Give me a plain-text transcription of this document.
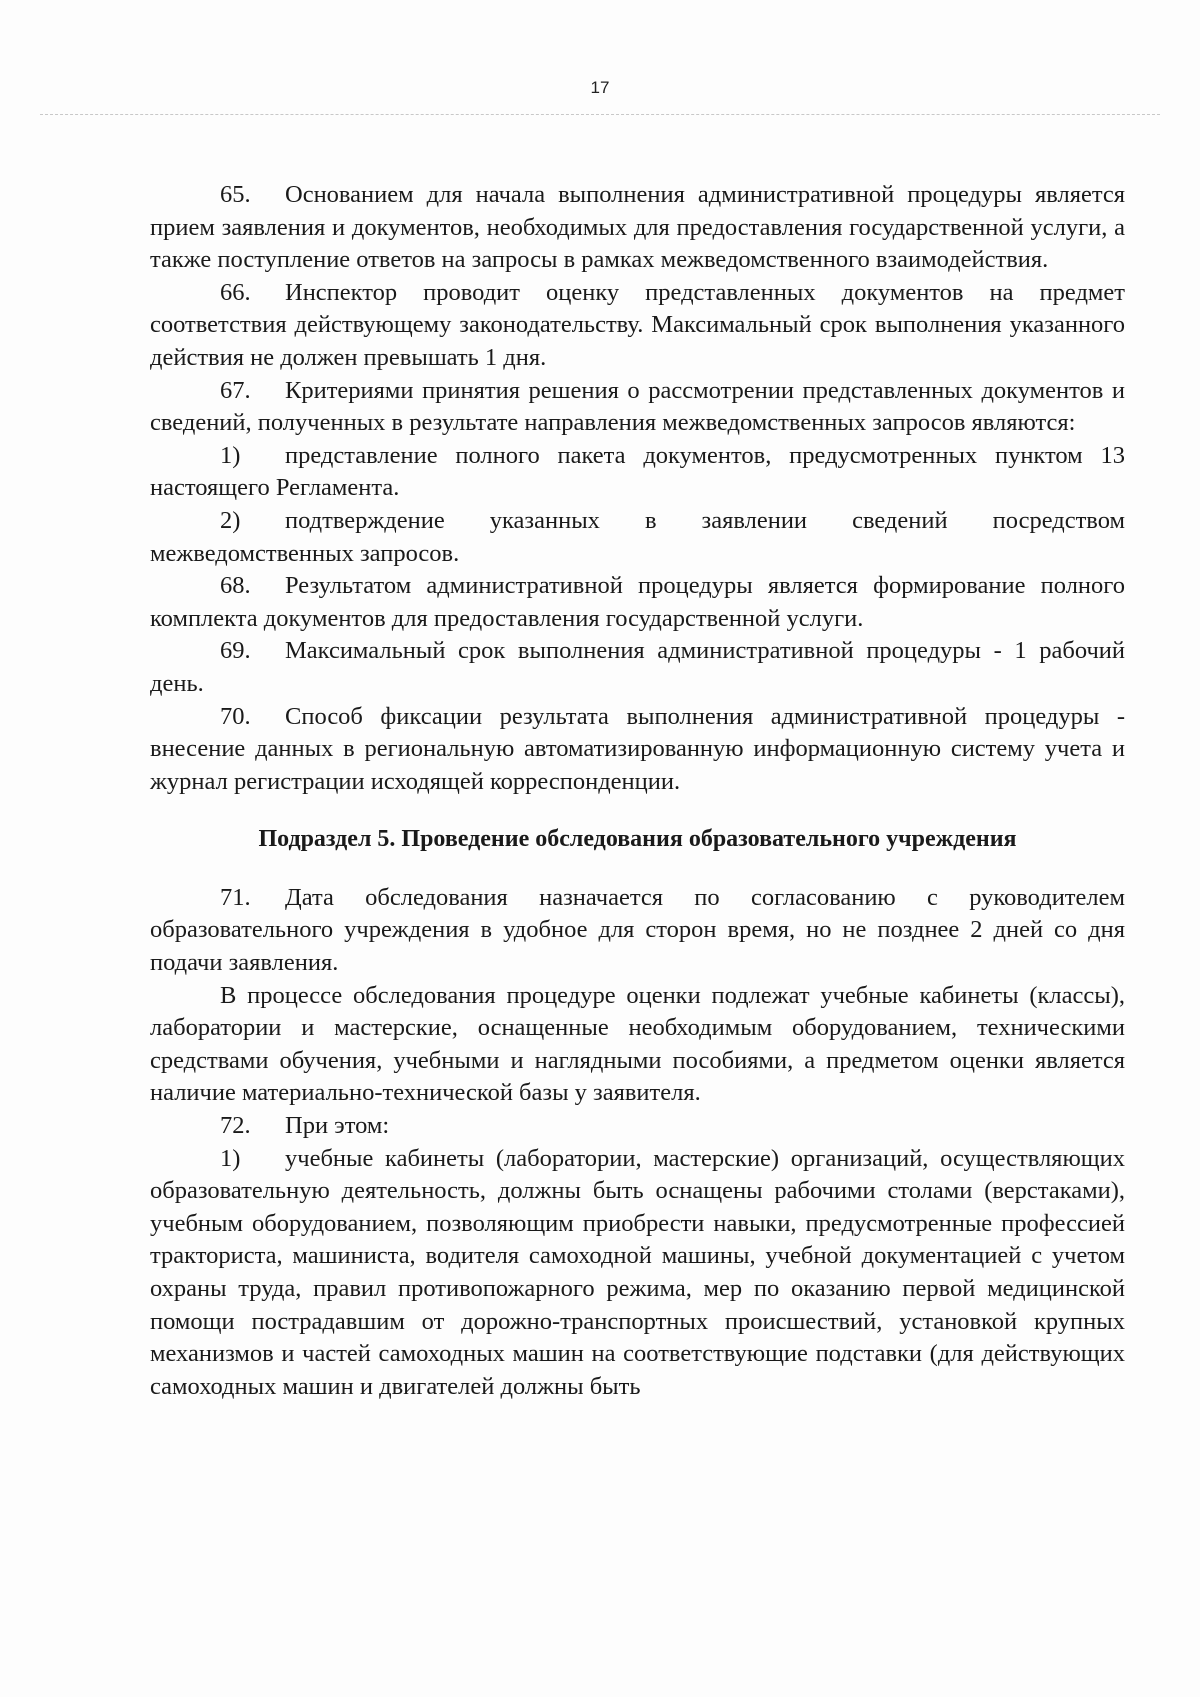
17

65. Основанием для начала выполнения административной процедуры является прием заявления и документов, необходимых для предоставления государственной услуги, а также поступление ответов на запросы в рамках межведомственного взаимодействия.

66. Инспектор проводит оценку представленных документов на предмет соответствия действующему законодательству. Максимальный срок выполнения указанного действия не должен превышать 1 дня.

67. Критериями принятия решения о рассмотрении представленных документов и сведений, полученных в результате направления межведомственных запросов являются:

1) представление полного пакета документов, предусмотренных пунктом 13 настоящего Регламента.

2) подтверждение указанных в заявлении сведений посредством межведомственных запросов.

68. Результатом административной процедуры является формирование полного комплекта документов для предоставления государственной услуги.

69. Максимальный срок выполнения административной процедуры - 1 рабочий день.

70. Способ фиксации результата выполнения административной процедуры - внесение данных в региональную автоматизированную информационную систему учета и журнал регистрации исходящей корреспонденции.

Подраздел 5. Проведение обследования образовательного учреждения

71. Дата обследования назначается по согласованию с руководителем образовательного учреждения в удобное для сторон время, но не позднее 2 дней со дня подачи заявления.

В процессе обследования процедуре оценки подлежат учебные кабинеты (классы), лаборатории и мастерские, оснащенные необходимым оборудованием, техническими средствами обучения, учебными и наглядными пособиями, а предметом оценки является наличие материально-технической базы у заявителя.

72. При этом:

1) учебные кабинеты (лаборатории, мастерские) организаций, осуществляющих образовательную деятельность, должны быть оснащены рабочими столами (верстаками), учебным оборудованием, позволяющим приобрести навыки, предусмотренные профессией тракториста, машиниста, водителя самоходной машины, учебной документацией с учетом охраны труда, правил противопожарного режима, мер по оказанию первой медицинской помощи пострадавшим от дорожно-транспортных происшествий, установкой крупных механизмов и частей самоходных машин на соответствующие подставки (для действующих самоходных машин и двигателей должны быть
